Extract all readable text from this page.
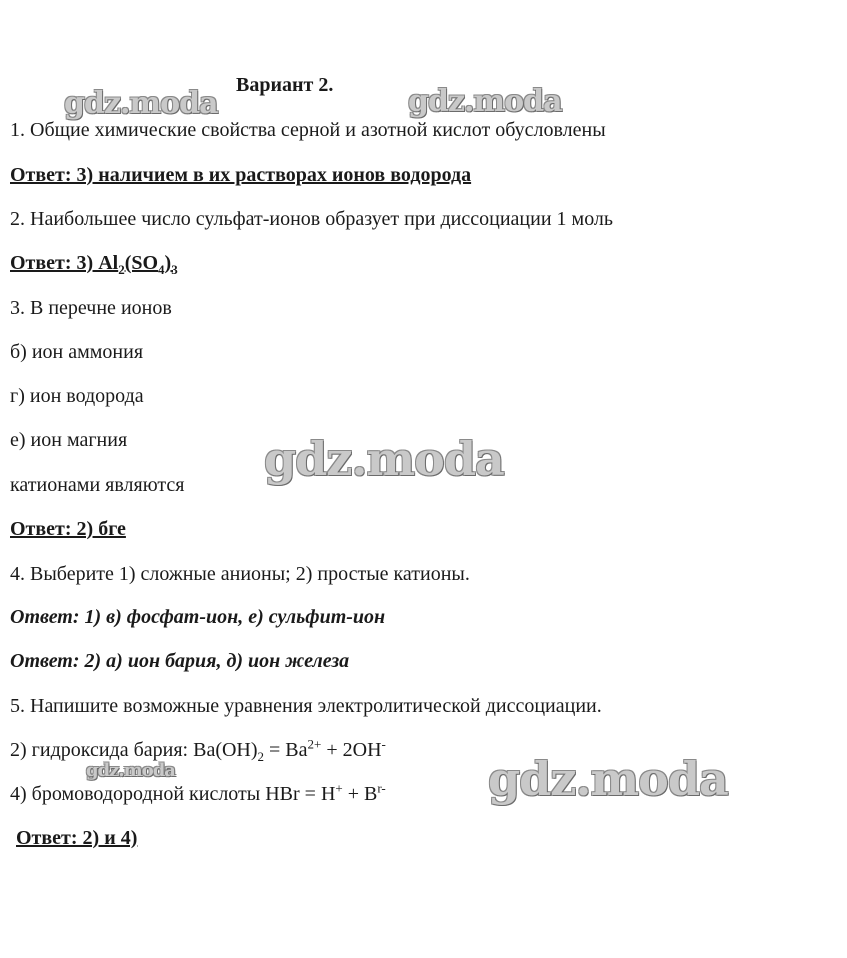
Вариант 2.
gdz.moda	gdz.moda
gdz.moda
gdz.moda	gdz.moda
1. Общие химические свойства серной и азотной кислот обусловлены
Ответ: 3) наличием в их растворах ионов водорода
2. Наибольшее число сульфат-ионов образует при диссоциации 1 моль
Ответ: 3) $Al_2(SO_4)_3$
3. В перечне ионов
б) ион аммония
г) ион водорода
е) ион магния
катионами являются
Ответ: 2) бге
4. Выберите 1) сложные анионы; 2) простые катионы.
Ответ: 1) в) фосфат-ион, е) сульфит-ион
Ответ: 2) а) ион бария, д) ион железа
5. Напишите возможные уравнения электролитической диссоциации.
2) гидроксида бария: $Ba(OH)_2 = Ba^{2+} + 2OH^-$
4) бромоводородной кислоты HBr = $H^+ + B^{r-}$
Ответ: 2) и 4)
